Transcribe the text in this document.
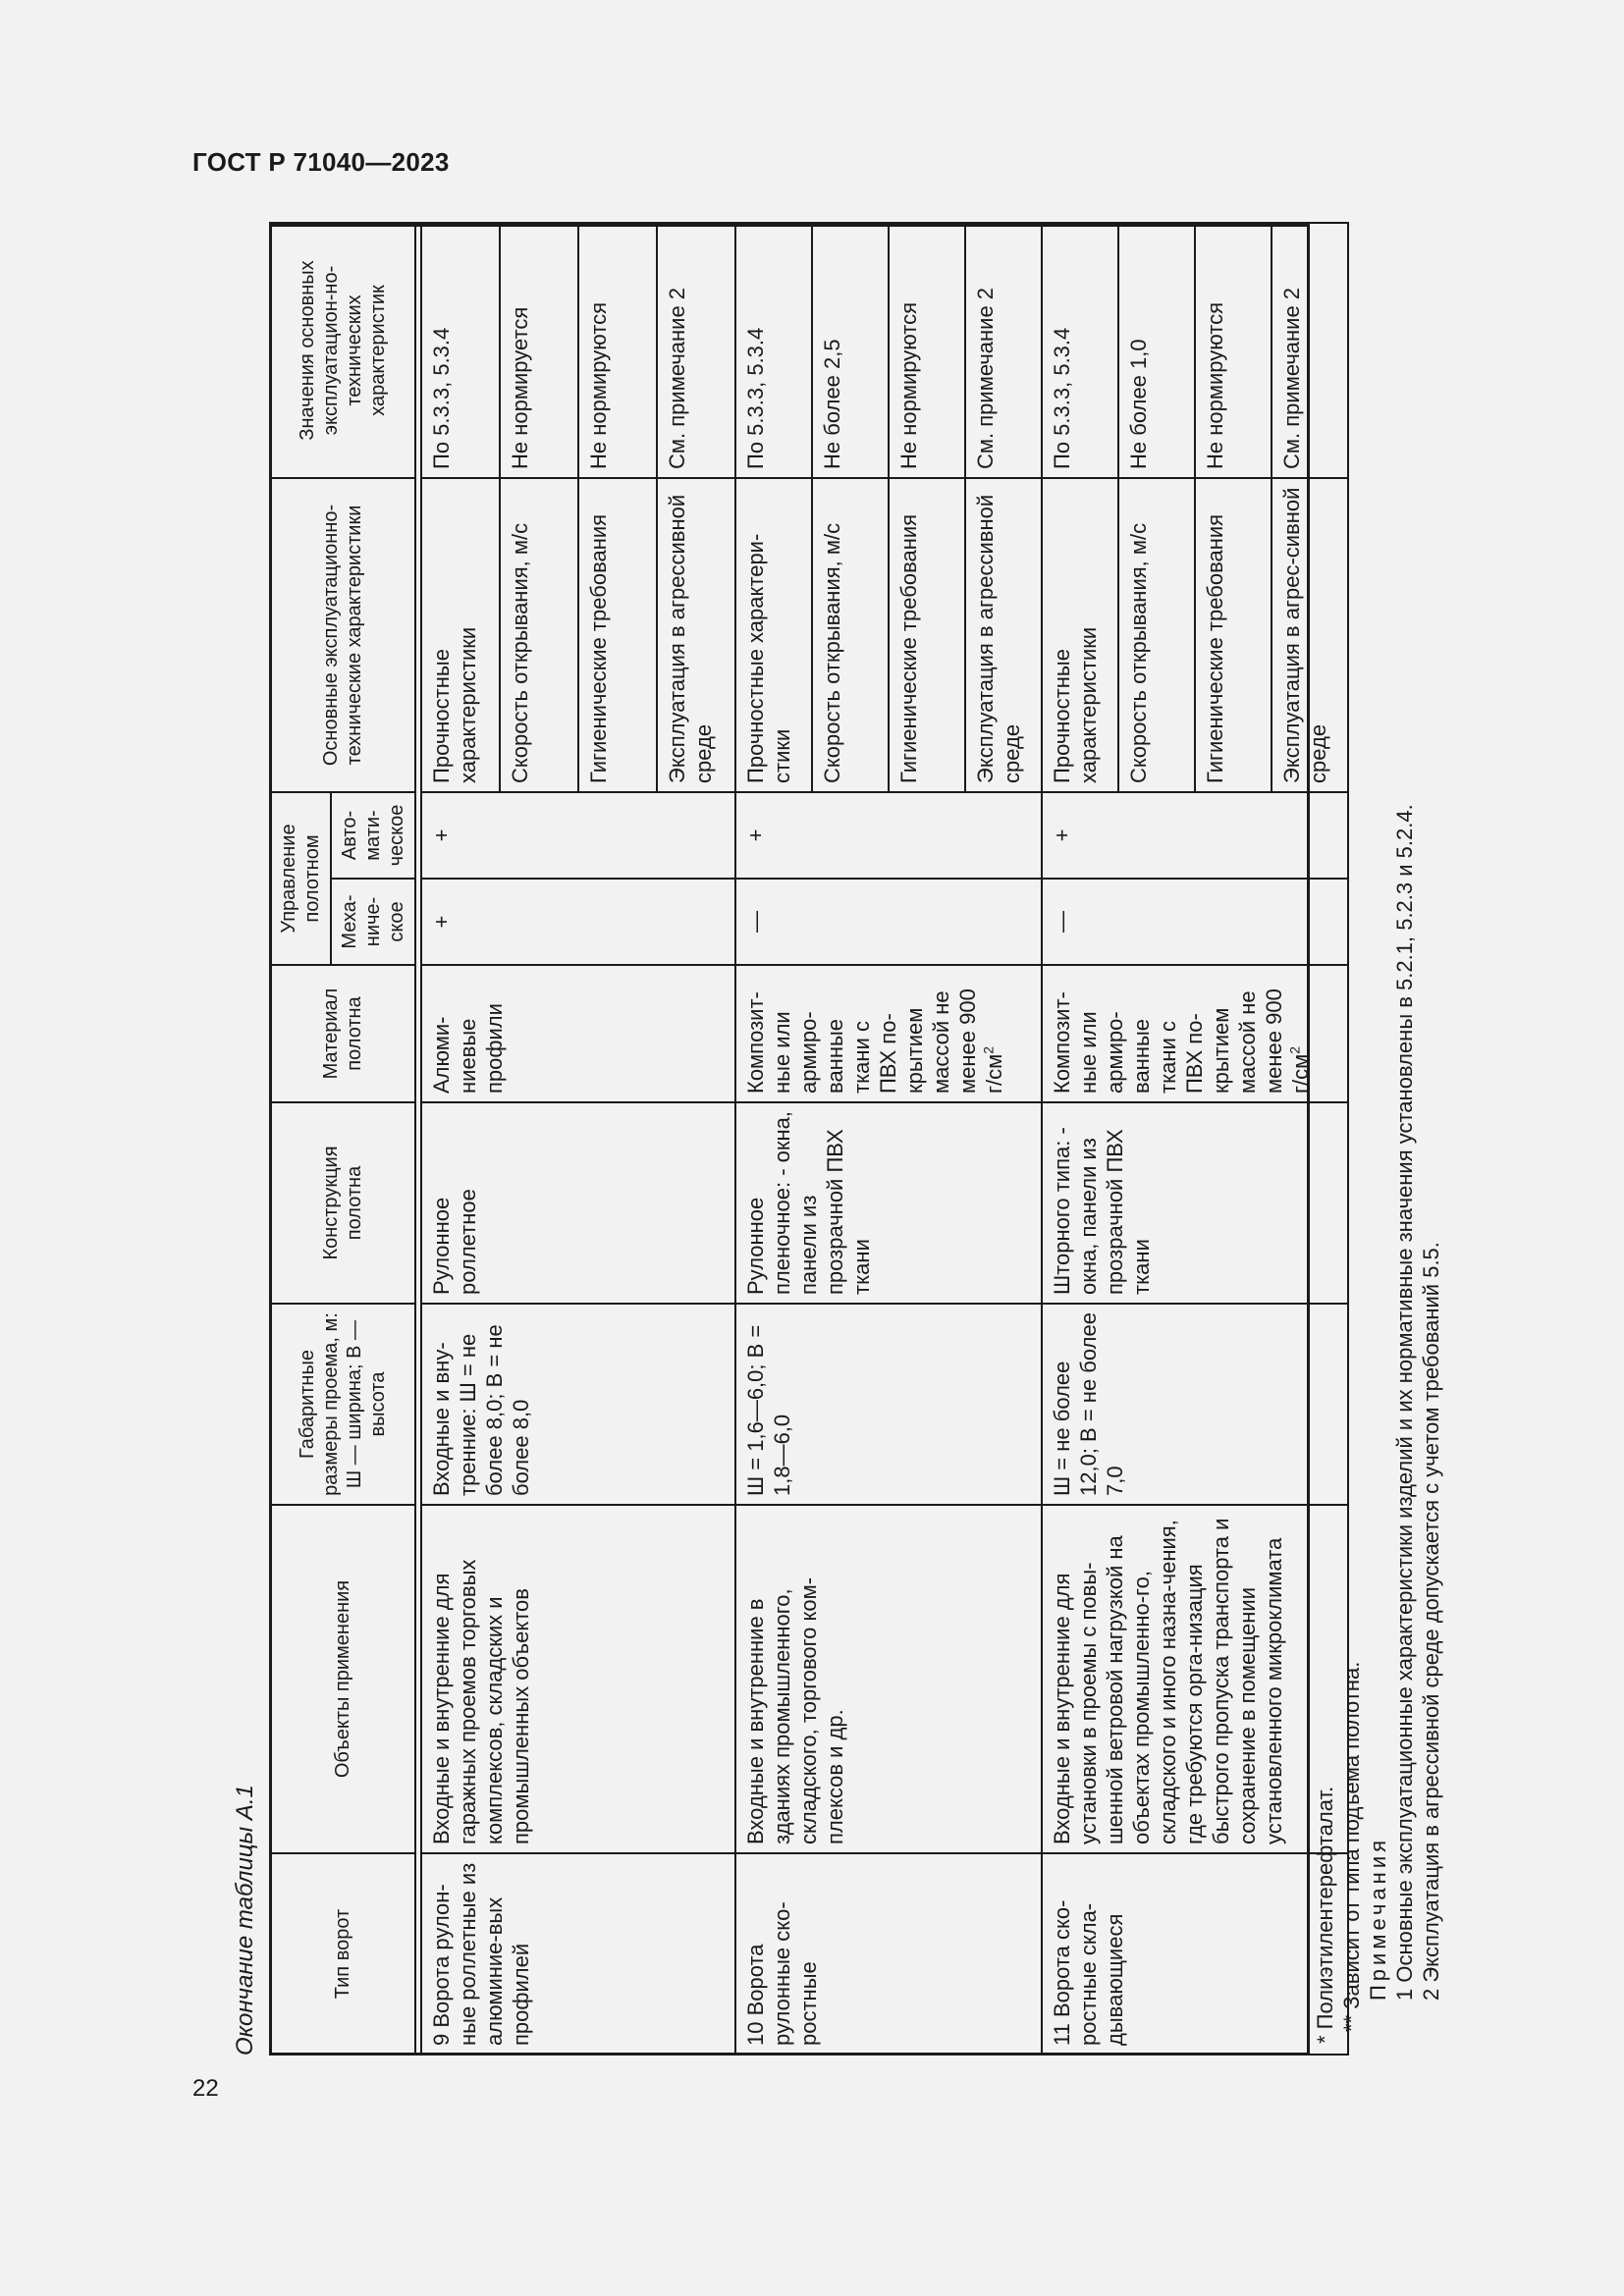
ГОСТ Р 71040—2023
22
Окончание таблицы А.1	Тип ворот	Объекты применения	Габаритные размеры проема, м: Ш — ширина; В — высота	Конструкция полотна	Материал полотна	Управление полотном		Основные эксплуатационно-технические характеристики	Значения основных эксплуатацион-но-технических характеристик
					Меха-ниче-ское	Авто-мати-ческое		

9 Ворота рулон-ные роллетные из алюминие-вых профилей	Входные и внутренние для гаражных проемов торговых комплексов, складских и промышленных объектов	Входные и вну-тренние: Ш = не более 8,0; В = не более 8,0	Рулонное роллетное	Алюми-ниевые профили	+	+	Прочностные характеристики	По 5.3.3, 5.3.4
							Скорость открывания, м/с	Не нормируется
							Гигиенические требования	Не нормируются
							Эксплуатация в агрессивной среде	См. примечание 2
10 Ворота рулонные ско-ростные	Входные и внутренние в зданиях промышленного, складского, торгового ком-плексов и др.	Ш = 1,6—6,0; В = 1,8—6,0	Рулонное пленочное: - окна, панели из прозрачной ПВХ ткани	Композит-ные или армиро-ванные ткани с ПВХ по-крытием массой не менее 900 $г/см^2$	—	+	Прочностные характери-стики	По 5.3.3, 5.3.4
							Скорость открывания, м/с	Не более 2,5
							Гигиенические требования	Не нормируются
							Эксплуатация в агрессивной среде	См. примечание 2
11 Ворота ско-ростные скла-дывающиеся	Входные и внутренние для установки в проемы с повы-шенной ветровой нагрузкой на объектах промышленно-го, складского и иного назна-чения, где требуются орга-низация быстрого пропуска транспорта и сохранение в помещении установленного микроклимата	Ш = не более 12,0; В = не более 7,0	Шторного типа: - окна, панели из прозрачной ПВХ ткани	Композит-ные или армиро-ванные ткани с ПВХ по-крытием массой не менее 900 $г/см^2$	—	+	Прочностные характеристики	По 5.3.3, 5.3.4
							Скорость открывания, м/с	Не более 1,0
							Гигиенические требования	Не нормируются
							Эксплуатация в агрес-сивной среде	См. примечание 2
* Полиэтилентерефталат. ** Зависит от типа подъема полотна. Примечания 1 Основные эксплуатационные характеристики изделий и их нормативные значения установлены в 5.2.1, 5.2.3 и 5.2.4. 2 Эксплуатация в агрессивной среде допускается с учетом требований 5.5.
